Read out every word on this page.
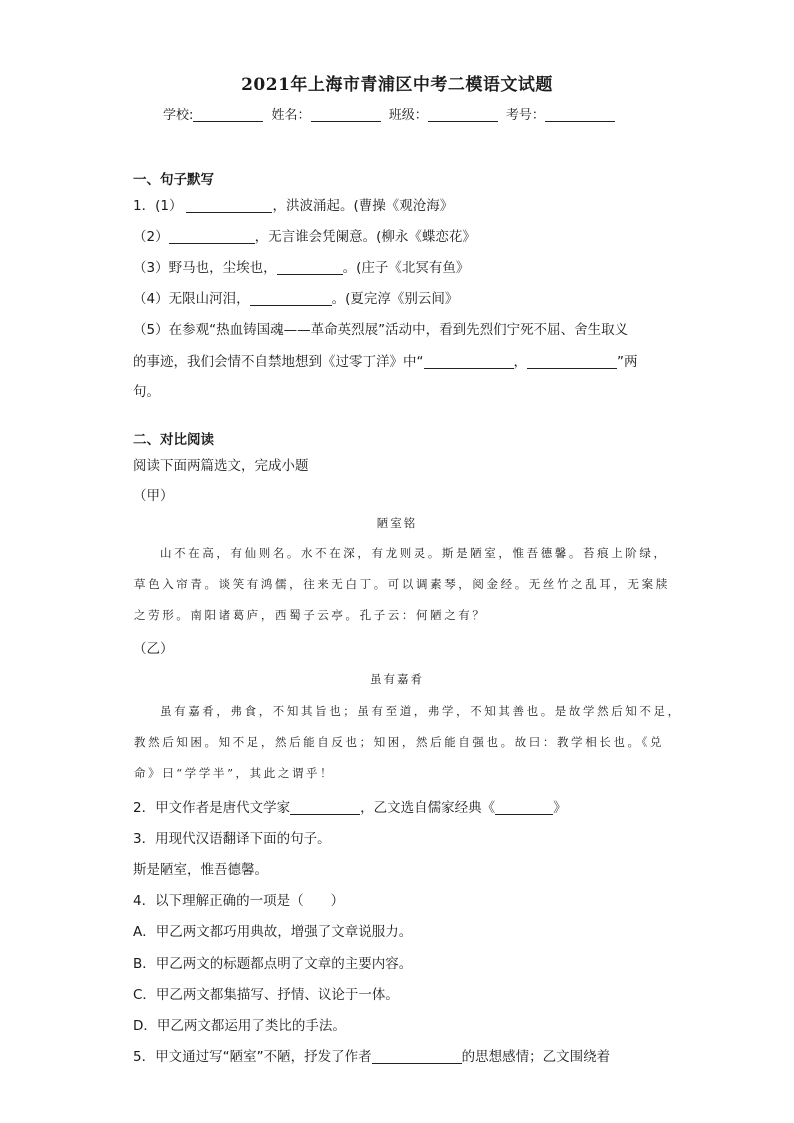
2021年上海市青浦区中考二模语文试题
学校:	姓名：	班级：	考号：
一、句子默写
1．(1）	，洪波涌起。(曹操《观沧海》
（2）	，无言谁会凭阑意。(柳永《蝶恋花》
（3）野马也，尘埃也，	。(庄子《北冥有鱼》
（4）无限山河泪，	。(夏完淳《别云间》
（5）在参观“热血铸国魂——革命英烈展”活动中，看到先烈们宁死不屈、舍生取义
的事迹，我们会情不自禁地想到《过零丁洋》中“	，	”两
句。
二、对比阅读
阅读下面两篇选文，完成小题
（甲）
陋室铭
山不在高，有仙则名。水不在深，有龙则灵。斯是陋室，惟吾德馨。苔痕上阶绿，
草色入帘青。谈笑有鸿儒，往来无白丁。可以调素琴，阅金经。无丝竹之乱耳，无案牍
之劳形。南阳诸葛庐，西蜀子云亭。孔子云：何陋之有？
（乙）
虽有嘉肴
虽有嘉肴，弗食，不知其旨也；虽有至道，弗学，不知其善也。是故学然后知不足，
教然后知困。知不足，然后能自反也；知困，然后能自强也。故曰：教学相长也。《兑
命》曰“学学半”，其此之谓乎！
2．甲文作者是唐代文学家	，乙文选自儒家经典《	》
3．用现代汉语翻译下面的句子。
斯是陋室，惟吾德馨。
4．以下理解正确的一项是（　　）
A．甲乙两文都巧用典故，增强了文章说服力。
B．甲乙两文的标题都点明了文章的主要内容。
C．甲乙两文都集描写、抒情、议论于一体。
D．甲乙两文都运用了类比的手法。
5．甲文通过写“陋室”不陋，抒发了作者	的思想感情；乙文围绕着
